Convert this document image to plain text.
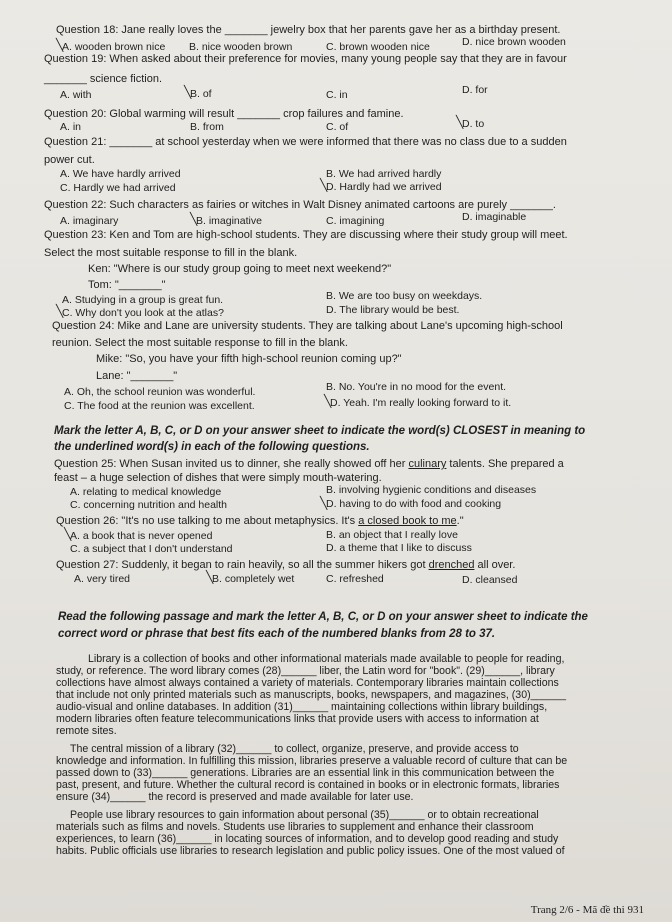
Question 18: Jane really loves the _______ jewelry box that her parents gave her as a birthday present.
A. wooden brown nice B. nice wooden brown	C. brown wooden nice	D. nice brown wooden
Question 19: When asked about their preference for movies, many young people say that they are in favour
_______ science fiction.
A. with	B. of	C. in	D. for
Question 20: Global warming will result _______ crop failures and famine.
A. in	B. from	C. of	D. to
Question 21: _______ at school yesterday when we were informed that there was no class due to a sudden
power cut.
A. We have hardly arrived	B. We had arrived hardly
C. Hardly we had arrived	D. Hardly had we arrived
Question 22: Such characters as fairies or witches in Walt Disney animated cartoons are purely _______.
A. imaginary	B. imaginative	C. imagining	D. imaginable
Question 23: Ken and Tom are high-school students. They are discussing where their study group will meet.
Select the most suitable response to fill in the blank.
Ken: "Where is our study group going to meet next weekend?"
Tom: "_______"
A. Studying in a group is great fun.	B. We are too busy on weekdays.
C. Why don't you look at the atlas?	D. The library would be best.
Question 24: Mike and Lane are university students. They are talking about Lane's upcoming high-school
reunion. Select the most suitable response to fill in the blank.
Mike: "So, you have your fifth high-school reunion coming up?"
Lane: "_______"
A. Oh, the school reunion was wonderful.	B. No. You're in no mood for the event.
C. The food at the reunion was excellent.	D. Yeah. I'm really looking forward to it.
Mark the letter A, B, C, or D on your answer sheet to indicate the word(s) CLOSEST in meaning to
the underlined word(s) in each of the following questions.
Question 25: When Susan invited us to dinner, she really showed off her culinary talents. She prepared a
feast – a huge selection of dishes that were simply mouth-watering.
A. relating to medical knowledge	B. involving hygienic conditions and diseases
C. concerning nutrition and health	D. having to do with food and cooking
Question 26: "It's no use talking to me about metaphysics. It's a closed book to me."
A. a book that is never opened	B. an object that I really love
C. a subject that I don't understand	D. a theme that I like to discuss
Question 27: Suddenly, it began to rain heavily, so all the summer hikers got drenched all over.
A. very tired	B. completely wet	C. refreshed	D. cleansed
Read the following passage and mark the letter A, B, C, or D on your answer sheet to indicate the
correct word or phrase that best fits each of the numbered blanks from 28 to 37.
Library is a collection of books and other informational materials made available to people for reading,
study, or reference. The word library comes (28)______ liber, the Latin word for "book". (29)______, library
collections have almost always contained a variety of materials. Contemporary libraries maintain collections
that include not only printed materials such as manuscripts, books, newspapers, and magazines, (30)______
audio-visual and online databases. In addition (31)______ maintaining collections within library buildings,
modern libraries often feature telecommunications links that provide users with access to information at
remote sites.
The central mission of a library (32)______ to collect, organize, preserve, and provide access to
knowledge and information. In fulfilling this mission, libraries preserve a valuable record of culture that can be
passed down to (33)______ generations. Libraries are an essential link in this communication between the
past, present, and future. Whether the cultural record is contained in books or in electronic formats, libraries
ensure (34)______ the record is preserved and made available for later use.
People use library resources to gain information about personal (35)______ or to obtain recreational
materials such as films and novels. Students use libraries to supplement and enhance their classroom
experiences, to learn (36)______ in locating sources of information, and to develop good reading and study
habits. Public officials use libraries to research legislation and public policy issues. One of the most valued of
Trang 2/6 - Mã đề thi 931
╲
╲
╲
╲
╲
╲
╲
╲
╲
╲
